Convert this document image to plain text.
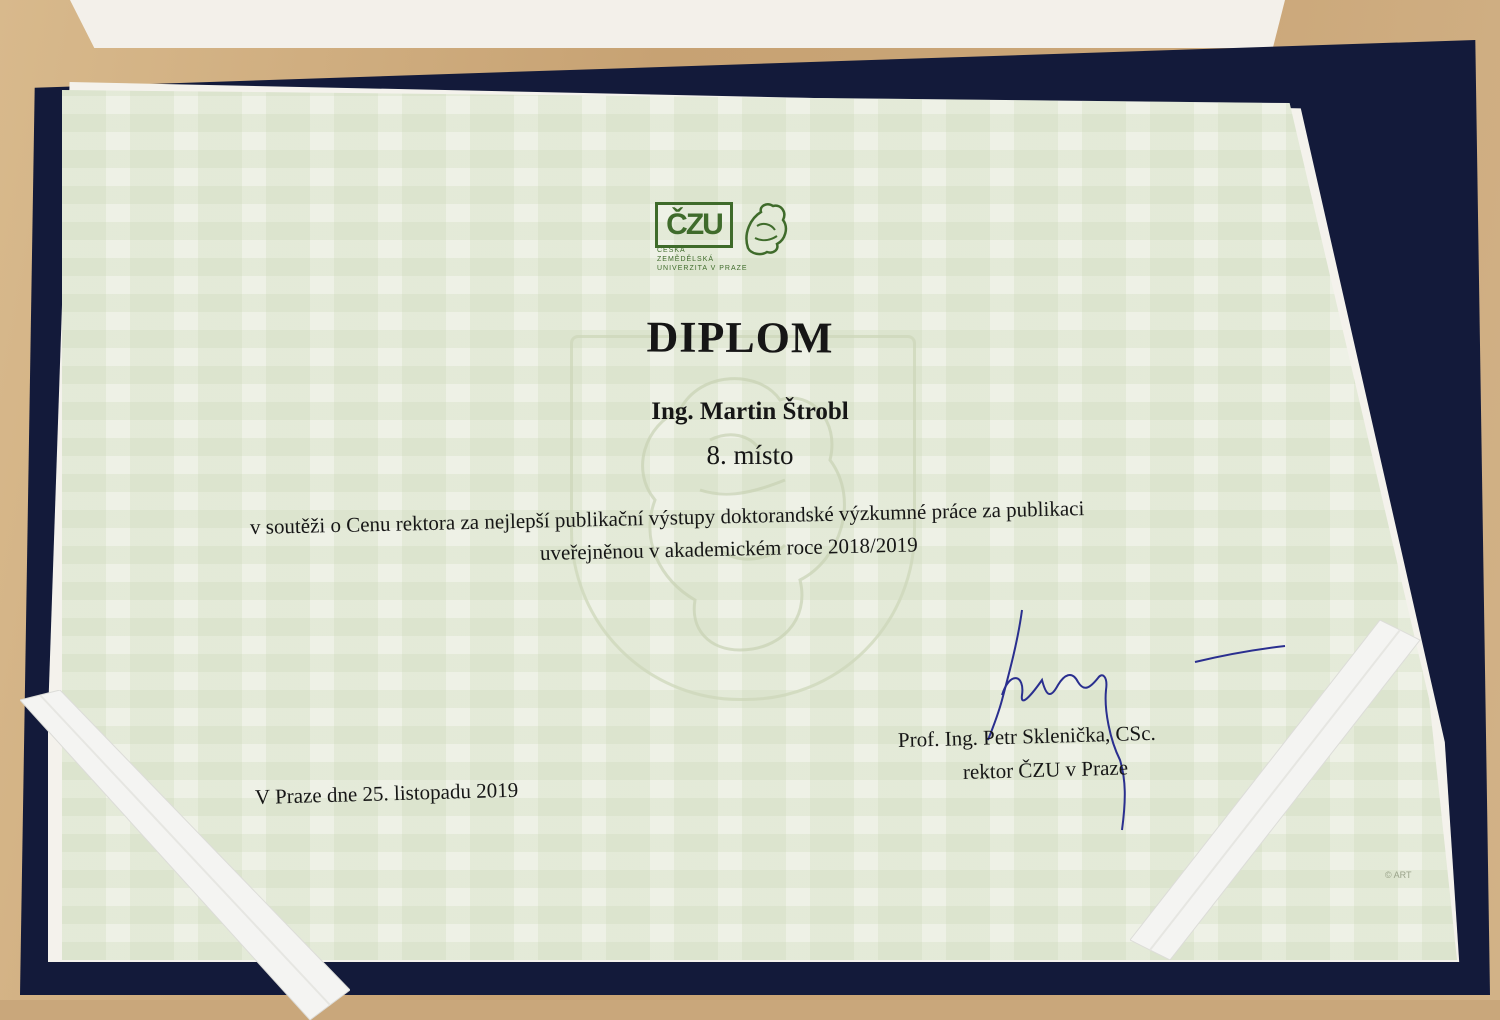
ČZU
ČESKÁ
ZEMĚDĚLSKÁ
UNIVERZITA V PRAZE
DIPLOM
Ing. Martin Štrobl
8. místo
v soutěži o Cenu rektora za nejlepší publikační výstupy doktorandské výzkumné práce za publikaci
uveřejněnou v akademickém roce 2018/2019
V Praze dne 25. listopadu 2019
Prof. Ing. Petr Sklenička, CSc.
rektor ČZU v Praze
© ART
